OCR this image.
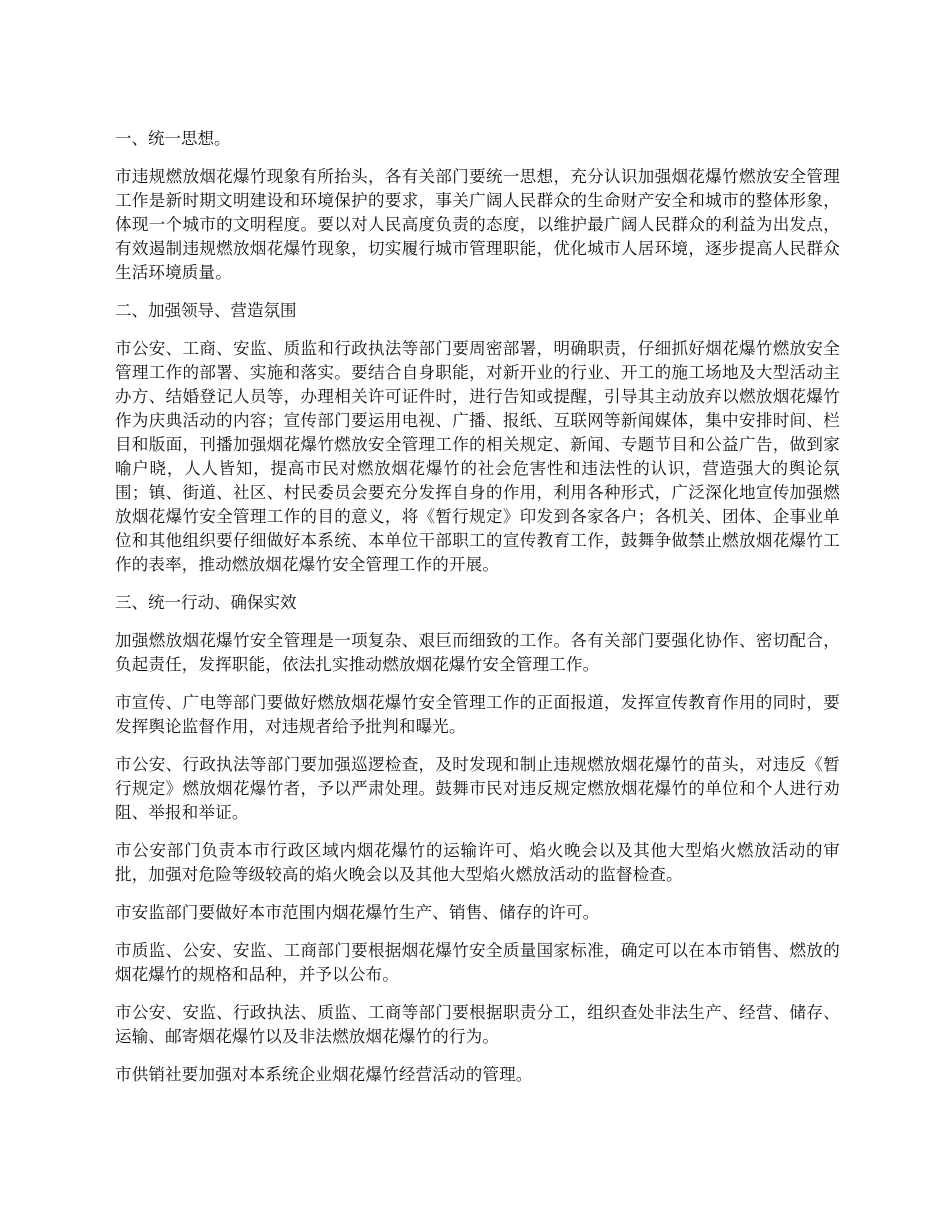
一、统一思想。

市违规燃放烟花爆竹现象有所抬头，各有关部门要统一思想，充分认识加强烟花爆竹燃放安全管理工作是新时期文明建设和环境保护的要求，事关广阔人民群众的生命财产安全和城市的整体形象，体现一个城市的文明程度。要以对人民高度负责的态度，以维护最广阔人民群众的利益为出发点，有效遏制违规燃放烟花爆竹现象，切实履行城市管理职能，优化城市人居环境，逐步提高人民群众生活环境质量。

二、加强领导、营造氛围

市公安、工商、安监、质监和行政执法等部门要周密部署，明确职责，仔细抓好烟花爆竹燃放安全管理工作的部署、实施和落实。要结合自身职能，对新开业的行业、开工的施工场地及大型活动主办方、结婚登记人员等，办理相关许可证件时，进行告知或提醒，引导其主动放弃以燃放烟花爆竹作为庆典活动的内容；宣传部门要运用电视、广播、报纸、互联网等新闻媒体，集中安排时间、栏目和版面，刊播加强烟花爆竹燃放安全管理工作的相关规定、新闻、专题节目和公益广告，做到家喻户晓，人人皆知，提高市民对燃放烟花爆竹的社会危害性和违法性的认识，营造强大的舆论氛围；镇、街道、社区、村民委员会要充分发挥自身的作用，利用各种形式，广泛深化地宣传加强燃放烟花爆竹安全管理工作的目的意义，将《暂行规定》印发到各家各户；各机关、团体、企事业单位和其他组织要仔细做好本系统、本单位干部职工的宣传教育工作，鼓舞争做禁止燃放烟花爆竹工作的表率，推动燃放烟花爆竹安全管理工作的开展。

三、统一行动、确保实效

加强燃放烟花爆竹安全管理是一项复杂、艰巨而细致的工作。各有关部门要强化协作、密切配合，负起责任，发挥职能，依法扎实推动燃放烟花爆竹安全管理工作。

市宣传、广电等部门要做好燃放烟花爆竹安全管理工作的正面报道，发挥宣传教育作用的同时，要发挥舆论监督作用，对违规者给予批判和曝光。

市公安、行政执法等部门要加强巡逻检查，及时发现和制止违规燃放烟花爆竹的苗头，对违反《暂行规定》燃放烟花爆竹者，予以严肃处理。鼓舞市民对违反规定燃放烟花爆竹的单位和个人进行劝阻、举报和举证。

市公安部门负责本市行政区域内烟花爆竹的运输许可、焰火晚会以及其他大型焰火燃放活动的审批，加强对危险等级较高的焰火晚会以及其他大型焰火燃放活动的监督检查。

市安监部门要做好本市范围内烟花爆竹生产、销售、储存的许可。

市质监、公安、安监、工商部门要根据烟花爆竹安全质量国家标准，确定可以在本市销售、燃放的烟花爆竹的规格和品种，并予以公布。

市公安、安监、行政执法、质监、工商等部门要根据职责分工，组织查处非法生产、经营、储存、运输、邮寄烟花爆竹以及非法燃放烟花爆竹的行为。

市供销社要加强对本系统企业烟花爆竹经营活动的管理。
